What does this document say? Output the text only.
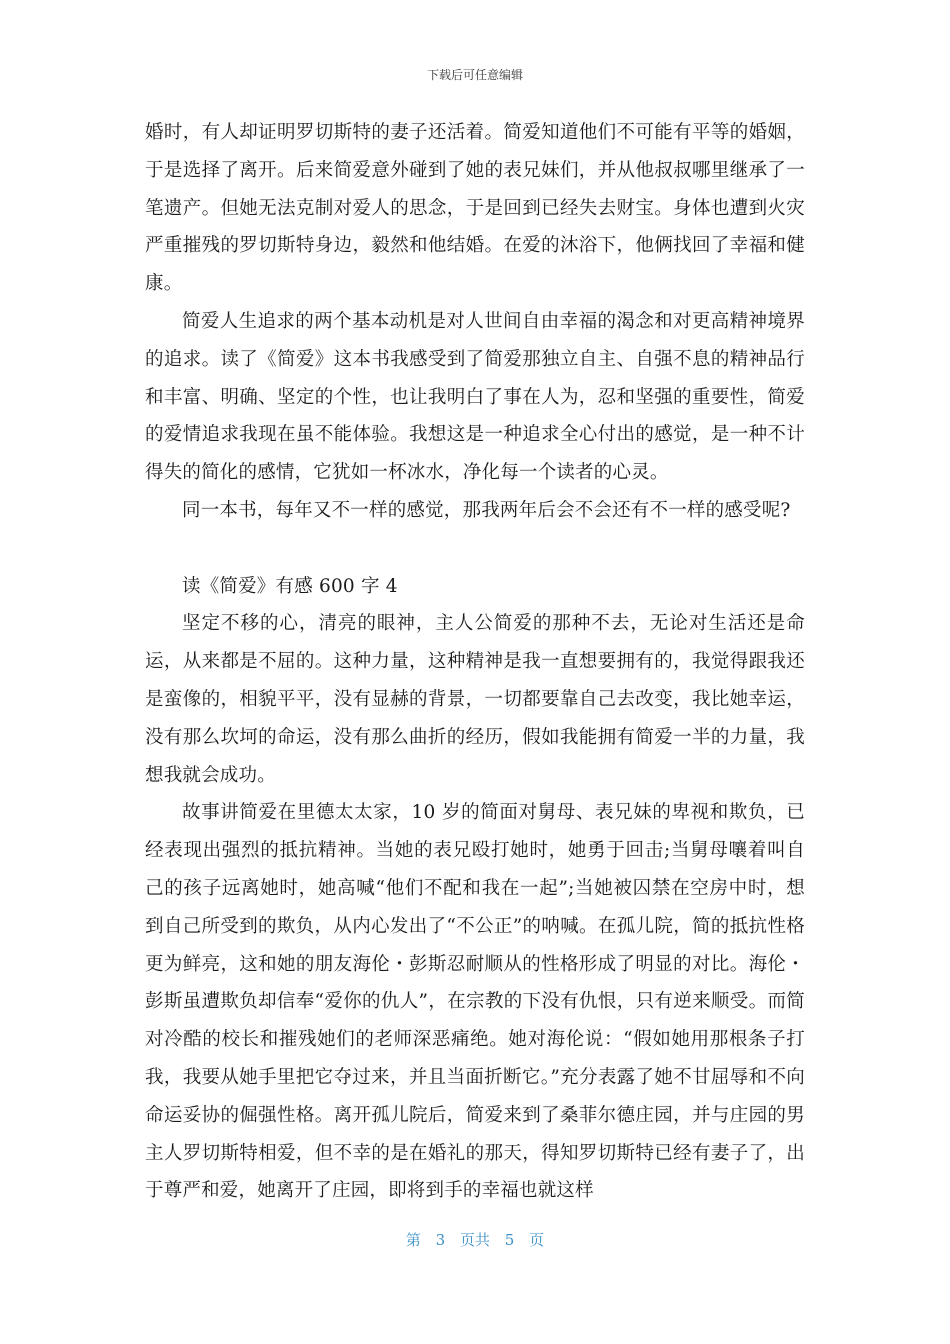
下载后可任意编辑

婚时，有人却证明罗切斯特的妻子还活着。简爱知道他们不可能有平等的婚姻，于是选择了离开。后来简爱意外碰到了她的表兄妹们，并从他叔叔哪里继承了一笔遗产。但她无法克制对爱人的思念，于是回到已经失去财宝。身体也遭到火灾严重摧残的罗切斯特身边，毅然和他结婚。在爱的沐浴下，他俩找回了幸福和健康。

简爱人生追求的两个基本动机是对人世间自由幸福的渴念和对更高精神境界的追求。读了《简爱》这本书我感受到了简爱那独立自主、自强不息的精神品行和丰富、明确、坚定的个性，也让我明白了事在人为，忍和坚强的重要性，简爱的爱情追求我现在虽不能体验。我想这是一种追求全心付出的感觉，是一种不计得失的简化的感情，它犹如一杯冰水，净化每一个读者的心灵。

同一本书，每年又不一样的感觉，那我两年后会不会还有不一样的感受呢?

读《简爱》有感 600 字 4

坚定不移的心，清亮的眼神，主人公简爱的那种不去，无论对生活还是命运，从来都是不屈的。这种力量，这种精神是我一直想要拥有的，我觉得跟我还是蛮像的，相貌平平，没有显赫的背景，一切都要靠自己去改变，我比她幸运，没有那么坎坷的命运，没有那么曲折的经历，假如我能拥有简爱一半的力量，我想我就会成功。

故事讲简爱在里德太太家，10 岁的简面对舅母、表兄妹的卑视和欺负，已经表现出强烈的抵抗精神。当她的表兄殴打她时，她勇于回击;当舅母嚷着叫自己的孩子远离她时，她高喊“他们不配和我在一起”;当她被囚禁在空房中时，想到自己所受到的欺负，从内心发出了“不公正”的呐喊。在孤儿院，简的抵抗性格更为鲜亮，这和她的朋友海伦・彭斯忍耐顺从的性格形成了明显的对比。海伦・彭斯虽遭欺负却信奉“爱你的仇人”，在宗教的下没有仇恨，只有逆来顺受。而简对冷酷的校长和摧残她们的老师深恶痛绝。她对海伦说：“假如她用那根条子打我，我要从她手里把它夺过来，并且当面折断它。”充分表露了她不甘屈辱和不向命运妥协的倔强性格。离开孤儿院后，简爱来到了桑菲尔德庄园，并与庄园的男主人罗切斯特相爱，但不幸的是在婚礼的那天，得知罗切斯特已经有妻子了，出于尊严和爱，她离开了庄园，即将到手的幸福也就这样

第 3 页共 5 页
